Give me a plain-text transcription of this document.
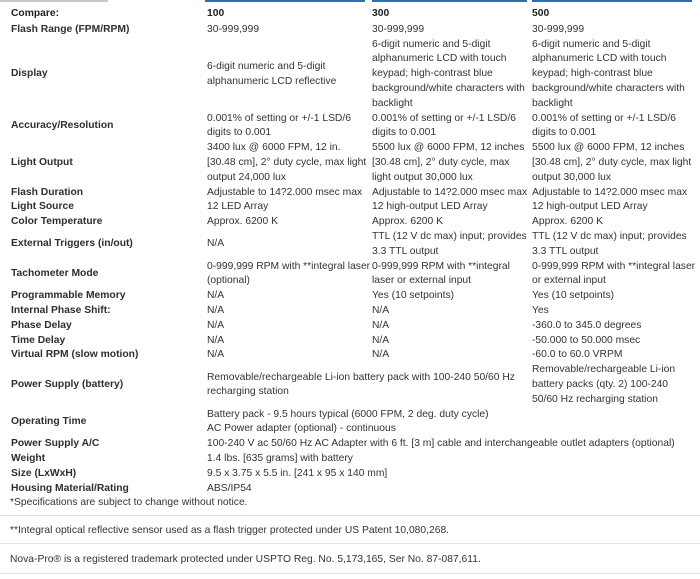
Compare:	100	300	500
Flash Range (FPM/RPM)	30-999,999	30-999,999	30-999,999
Display	6-digit numeric and 5-digit alphanumeric LCD reflective	6-digit numeric and 5-digit alphanumeric LCD with touch keypad; high-contrast blue background/white characters with backlight	6-digit numeric and 5-digit alphanumeric LCD with touch keypad; high-contrast blue background/white characters with backlight
Accuracy/Resolution	0.001% of setting or +/-1 LSD/6 digits to 0.001	0.001% of setting or +/-1 LSD/6 digits to 0.001	0.001% of setting or +/-1 LSD/6 digits to 0.001
Light Output	3400 lux @ 6000 FPM, 12 in. [30.48 cm], 2° duty cycle, max light output 24,000 lux	5500 lux @ 6000 FPM, 12 inches [30.48 cm], 2° duty cycle, max light output 30,000 lux	5500 lux @ 6000 FPM, 12 inches [30.48 cm], 2° duty cycle, max light output 30,000 lux
Flash Duration	Adjustable to 14?2.000 msec max	Adjustable to 14?2.000 msec max	Adjustable to 14?2.000 msec max
Light Source	12 LED Array	12 high-output LED Array	12 high-output LED Array
Color Temperature	Approx. 6200 K	Approx. 6200 K	Approx. 6200 K
External Triggers (in/out)	N/A	TTL (12 V dc max) input; provides 3.3 TTL output	TTL (12 V dc max) input; provides 3.3 TTL output
Tachometer Mode	0-999,999 RPM with **integral laser (optional)	0-999,999 RPM with **integral laser or external input	0-999,999 RPM with **integral laser or external input
Programmable Memory	N/A	Yes (10 setpoints)	Yes (10 setpoints)
Internal Phase Shift:	N/A	N/A	Yes
Phase Delay	N/A	N/A	-360.0 to 345.0 degrees
Time Delay	N/A	N/A	-50.000 to 50.000 msec
Virtual RPM (slow motion)	N/A	N/A	-60.0 to 60.0 VRPM
Power Supply (battery)	Removable/rechargeable Li-ion battery pack with 100-240 50/60 Hz recharging station		Removable/rechargeable Li-ion battery packs (qty. 2) 100-240 50/60 Hz recharging station
Operating Time	Battery pack - 9.5 hours typical (6000 FPM, 2 deg. duty cycle)
AC Power adapter (optional) - continuous		

Power Supply A/C	100-240 V ac 50/60 Hz AC Adapter with 6 ft. [3 m] cable and interchangeable outlet adapters (optional)		
Weight	1.4 lbs. [635 grams] with battery		
Size (LxWxH)	9.5 x 3.75 x 5.5 in. [241 x 95 x 140 mm]		
Housing Material/Rating	ABS/IP54		
*Specifications are subject to change without notice.
**Integral optical reflective sensor used as a flash trigger protected under US Patent 10,080,268.
Nova-Pro® is a registered trademark protected under USPTO Reg. No. 5,173,165, Ser No. 87-087,611.
